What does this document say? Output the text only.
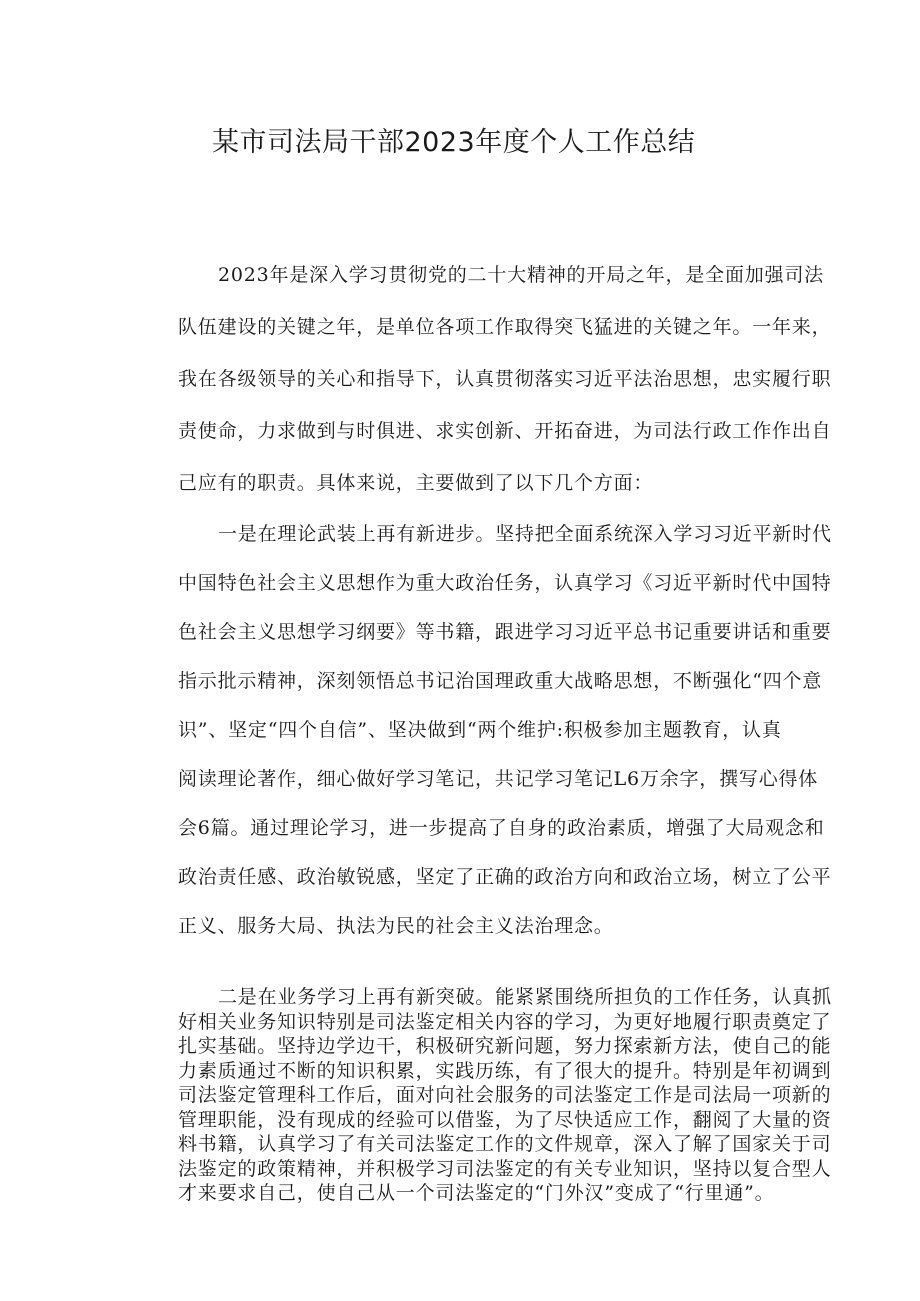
某市司法局干部2023年度个人工作总结
2023年是深入学习贯彻党的二十大精神的开局之年，是全面加强司法
队伍建设的关键之年，是单位各项工作取得突飞猛进的关键之年。一年来，
我在各级领导的关心和指导下，认真贯彻落实习近平法治思想，忠实履行职
责使命，力求做到与时俱进、求实创新、开拓奋进，为司法行政工作作出自
己应有的职责。具体来说，主要做到了以下几个方面：
一是在理论武装上再有新进步。坚持把全面系统深入学习习近平新时代
中国特色社会主义思想作为重大政治任务，认真学习《习近平新时代中国特
色社会主义思想学习纲要》等书籍，跟进学习习近平总书记重要讲话和重要
指示批示精神，深刻领悟总书记治国理政重大战略思想，不断强化“四个意
识”、坚定“四个自信”、坚决做到“两个维护:积极参加主题教育，认真
阅读理论著作，细心做好学习笔记，共记学习笔记L6万余字，撰写心得体
会6篇。通过理论学习，进一步提高了自身的政治素质，增强了大局观念和
政治责任感、政治敏锐感，坚定了正确的政治方向和政治立场，树立了公平
正义、服务大局、执法为民的社会主义法治理念。
二是在业务学习上再有新突破。能紧紧围绕所担负的工作任务，认真抓
好相关业务知识特别是司法鉴定相关内容的学习，为更好地履行职责奠定了
扎实基础。坚持边学边干，积极研究新问题，努力探索新方法，使自己的能
力素质通过不断的知识积累，实践历练，有了很大的提升。特别是年初调到
司法鉴定管理科工作后，面对向社会服务的司法鉴定工作是司法局一项新的
管理职能，没有现成的经验可以借鉴，为了尽快适应工作，翻阅了大量的资
料书籍，认真学习了有关司法鉴定工作的文件规章，深入了解了国家关于司
法鉴定的政策精神，并积极学习司法鉴定的有关专业知识，坚持以复合型人
才来要求自己，使自己从一个司法鉴定的“门外汉”变成了“行里通”。
